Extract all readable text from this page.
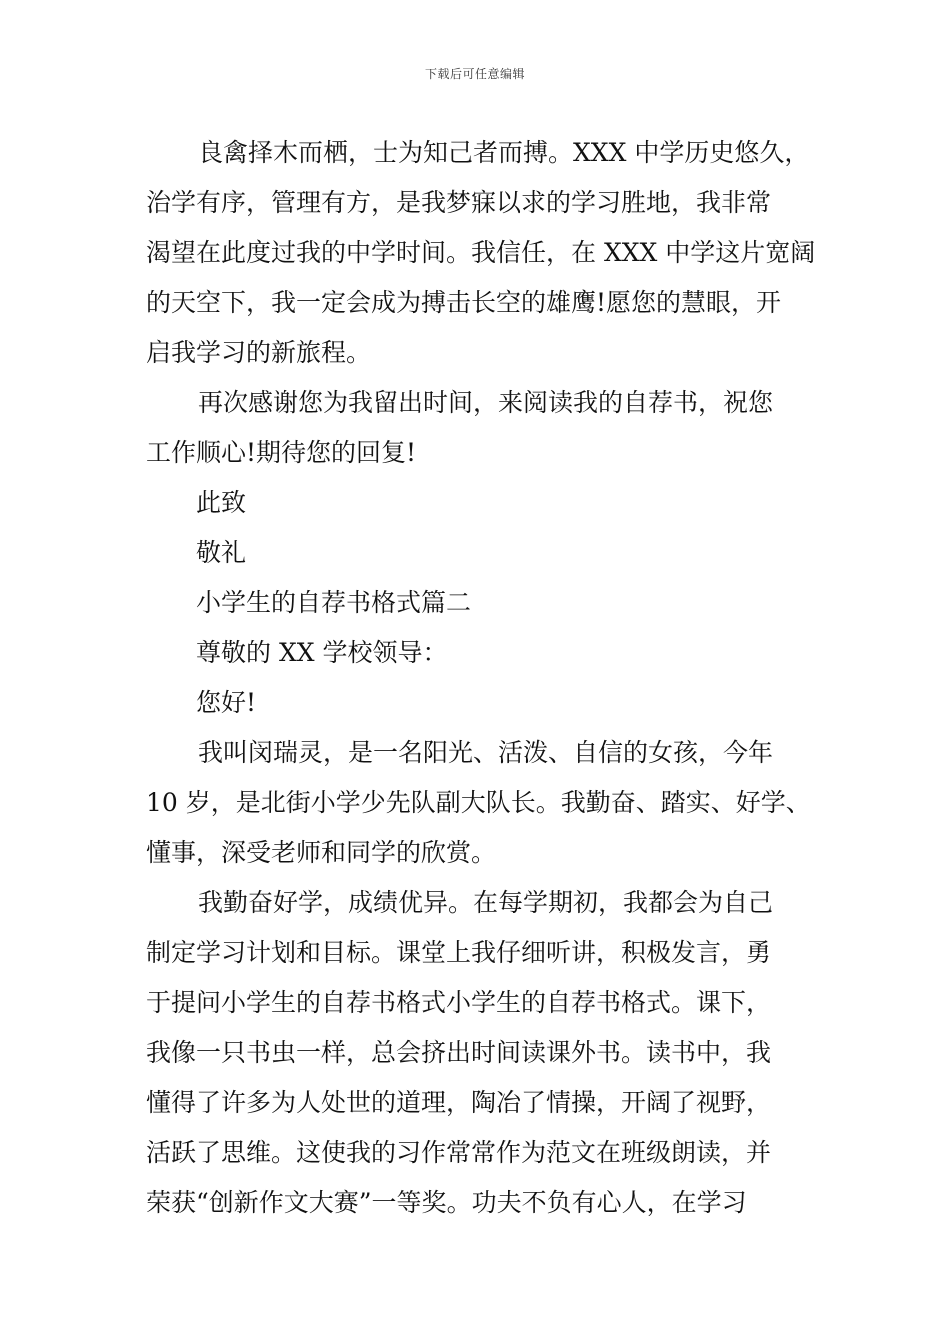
下载后可任意编辑
良禽择木而栖，士为知己者而搏。XXX 中学历史悠久，
治学有序，管理有方，是我梦寐以求的学习胜地，我非常
渴望在此度过我的中学时间。我信任，在 XXX 中学这片宽阔
的天空下，我一定会成为搏击长空的雄鹰!愿您的慧眼，开
启我学习的新旅程。
再次感谢您为我留出时间，来阅读我的自荐书，祝您
工作顺心!期待您的回复!
此致
敬礼
小学生的自荐书格式篇二
尊敬的 XX 学校领导：
您好!
我叫闵瑞灵，是一名阳光、活泼、自信的女孩，今年
10 岁，是北街小学少先队副大队长。我勤奋、踏实、好学、
懂事，深受老师和同学的欣赏。
我勤奋好学，成绩优异。在每学期初，我都会为自己
制定学习计划和目标。课堂上我仔细听讲，积极发言，勇
于提问小学生的自荐书格式小学生的自荐书格式。课下，
我像一只书虫一样，总会挤出时间读课外书。读书中，我
懂得了许多为人处世的道理，陶冶了情操，开阔了视野，
活跃了思维。这使我的习作常常作为范文在班级朗读，并
荣获“创新作文大赛”一等奖。功夫不负有心人，在学习
